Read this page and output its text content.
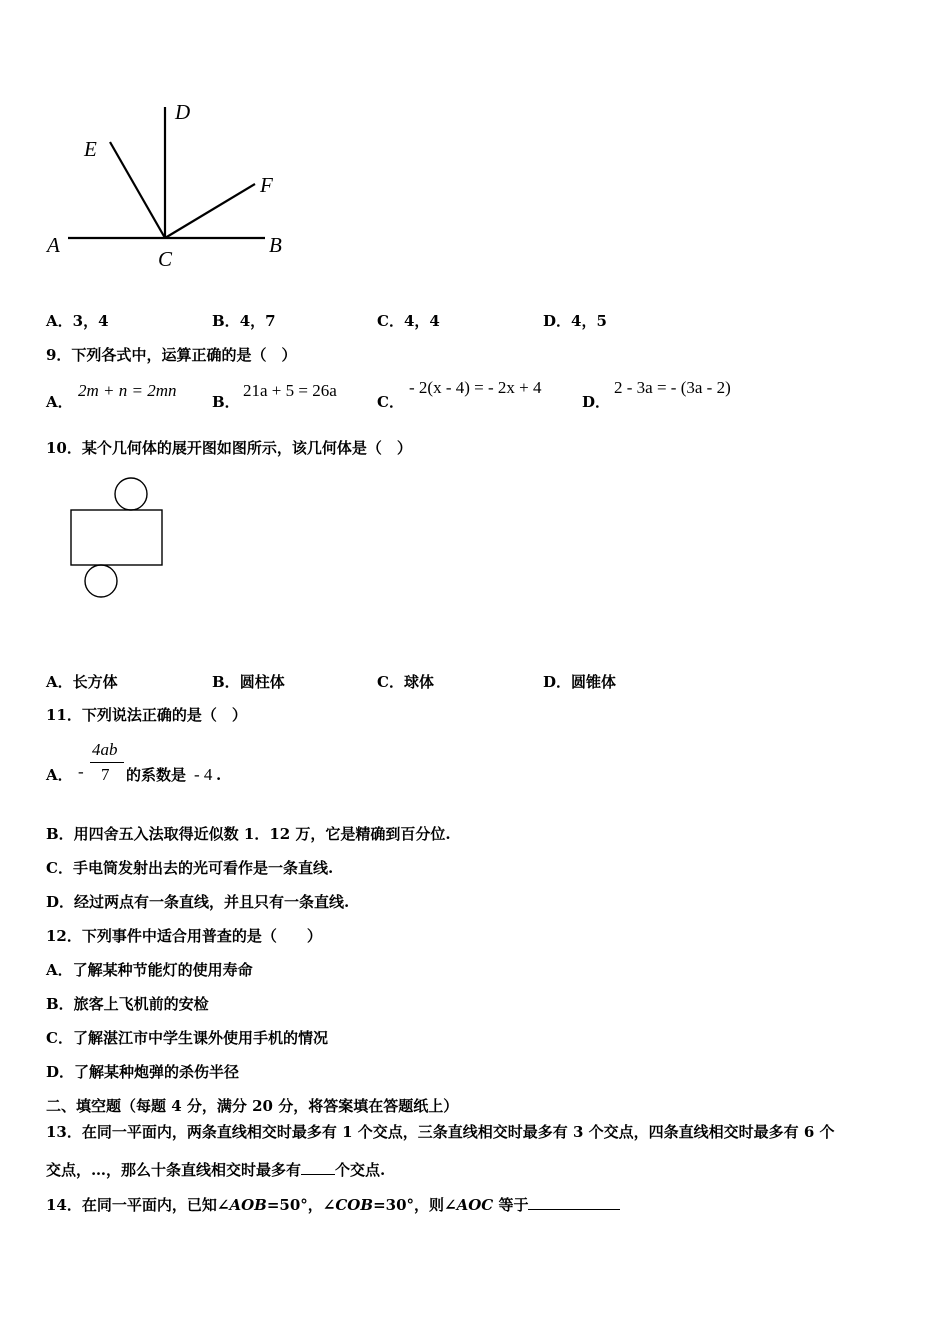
A	B
C
D
E
F
A．3，4	B．4，7	C．4，4	D．4，5
9．下列各式中，运算正确的是（　）
A．
2m + n = 2mn
B．
21a + 5 = 26a
C．
- 2(x - 4) = - 2x + 4
D．
2 - 3a = - (3a - 2)
10．某个几何体的展开图如图所示，该几何体是（　）
A．长方体	B．圆柱体	C．球体	D．圆锥体
11．下列说法正确的是（　）
A． -
4ab
7 的系数是 - 4 .
B．用四舍五入法取得近似数 1．12 万，它是精确到百分位.
C．手电筒发射出去的光可看作是一条直线.
D．经过两点有一条直线，并且只有一条直线.
12．下列事件中适合用普查的是（　　）
A．了解某种节能灯的使用寿命
B．旅客上飞机前的安检
C．了解湛江市中学生课外使用手机的情况
D．了解某种炮弹的杀伤半径
二、填空题（每题 4 分，满分 20 分，将答案填在答题纸上）
13．在同一平面内，两条直线相交时最多有 1 个交点，三条直线相交时最多有 3 个交点，四条直线相交时最多有 6 个
交点，…，那么十条直线相交时最多有 个交点.
14．在同一平面内，已知∠AOB=50°，∠COB=30°，则∠AOC 等于
